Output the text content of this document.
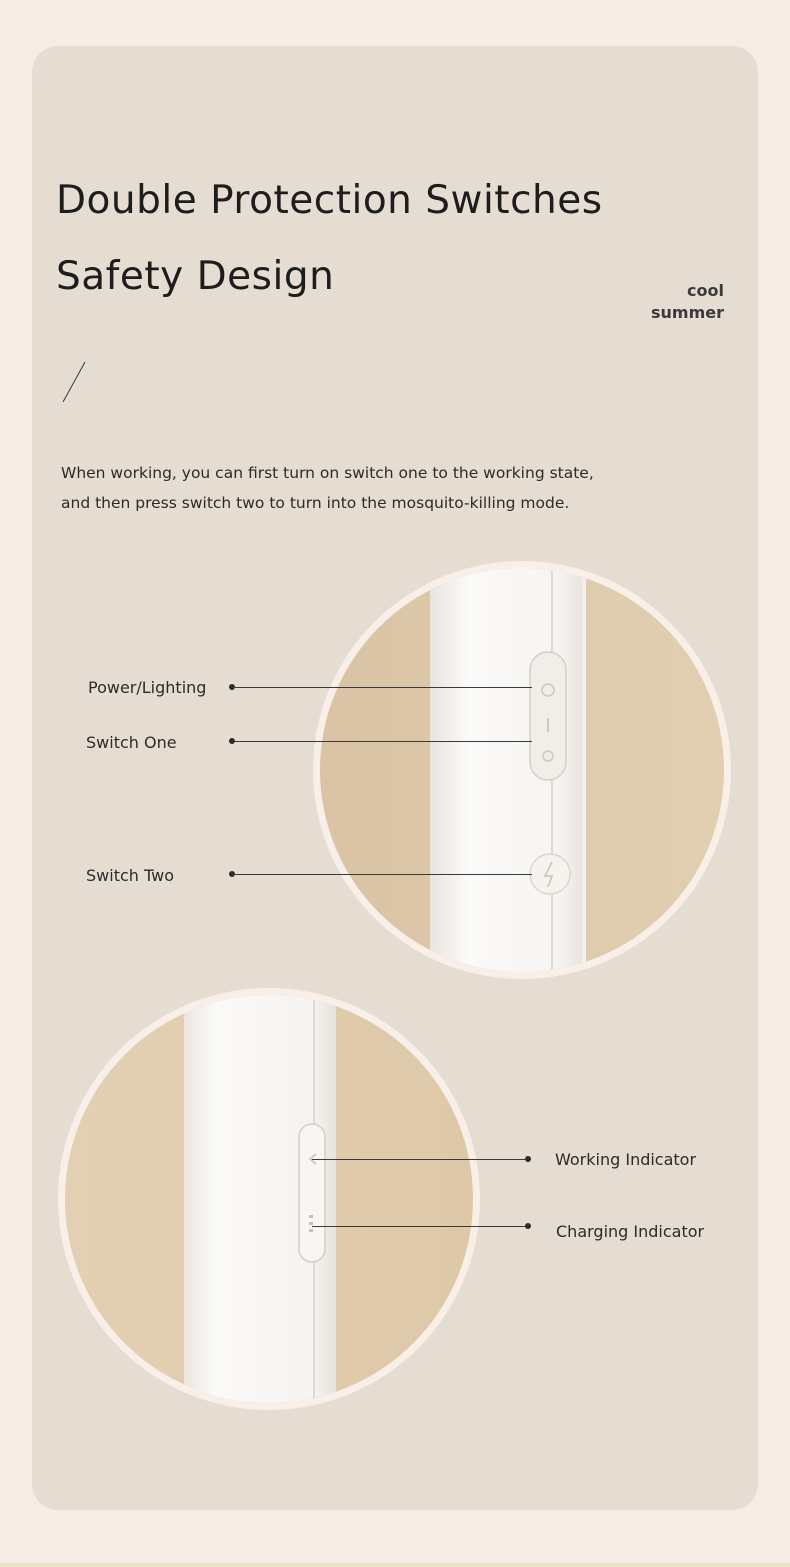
Double Protection Switches
Safety Design	cool
summer

When working, you can first turn on switch one to the working state,

and then press switch two to turn into the mosquito-killing mode.

Power/Lighting
Switch One
Switch Two
Working Indicator
Charging Indicator
